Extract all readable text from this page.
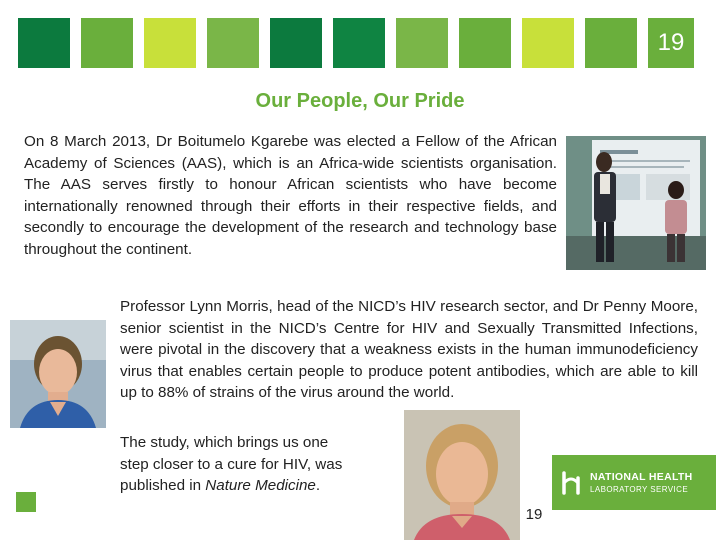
19
Our People, Our Pride

On 8 March 2013, Dr Boitumelo Kgarebe was elected a Fellow of the African Academy of Sciences (AAS), which is an Africa-wide scientists organisation. The AAS serves firstly to honour African scientists who have become internationally renowned through their efforts in their respective fields, and secondly to encourage the development of the research and technology base throughout the continent.

Professor Lynn Morris, head of the NICD’s HIV research sector, and Dr Penny Moore, senior scientist in the NICD’s Centre for HIV and Sexually Transmitted Infections, were pivotal in the discovery that a weakness exists in the human immunodeficiency virus that enables certain people to produce potent antibodies, which are able to kill up to 88% of strains of the virus around the world.

The study, which brings us one
step closer to a cure for HIV, was
published in Nature Medicine.	NATIONAL HEALTH
LABORATORY SERVICE
19
